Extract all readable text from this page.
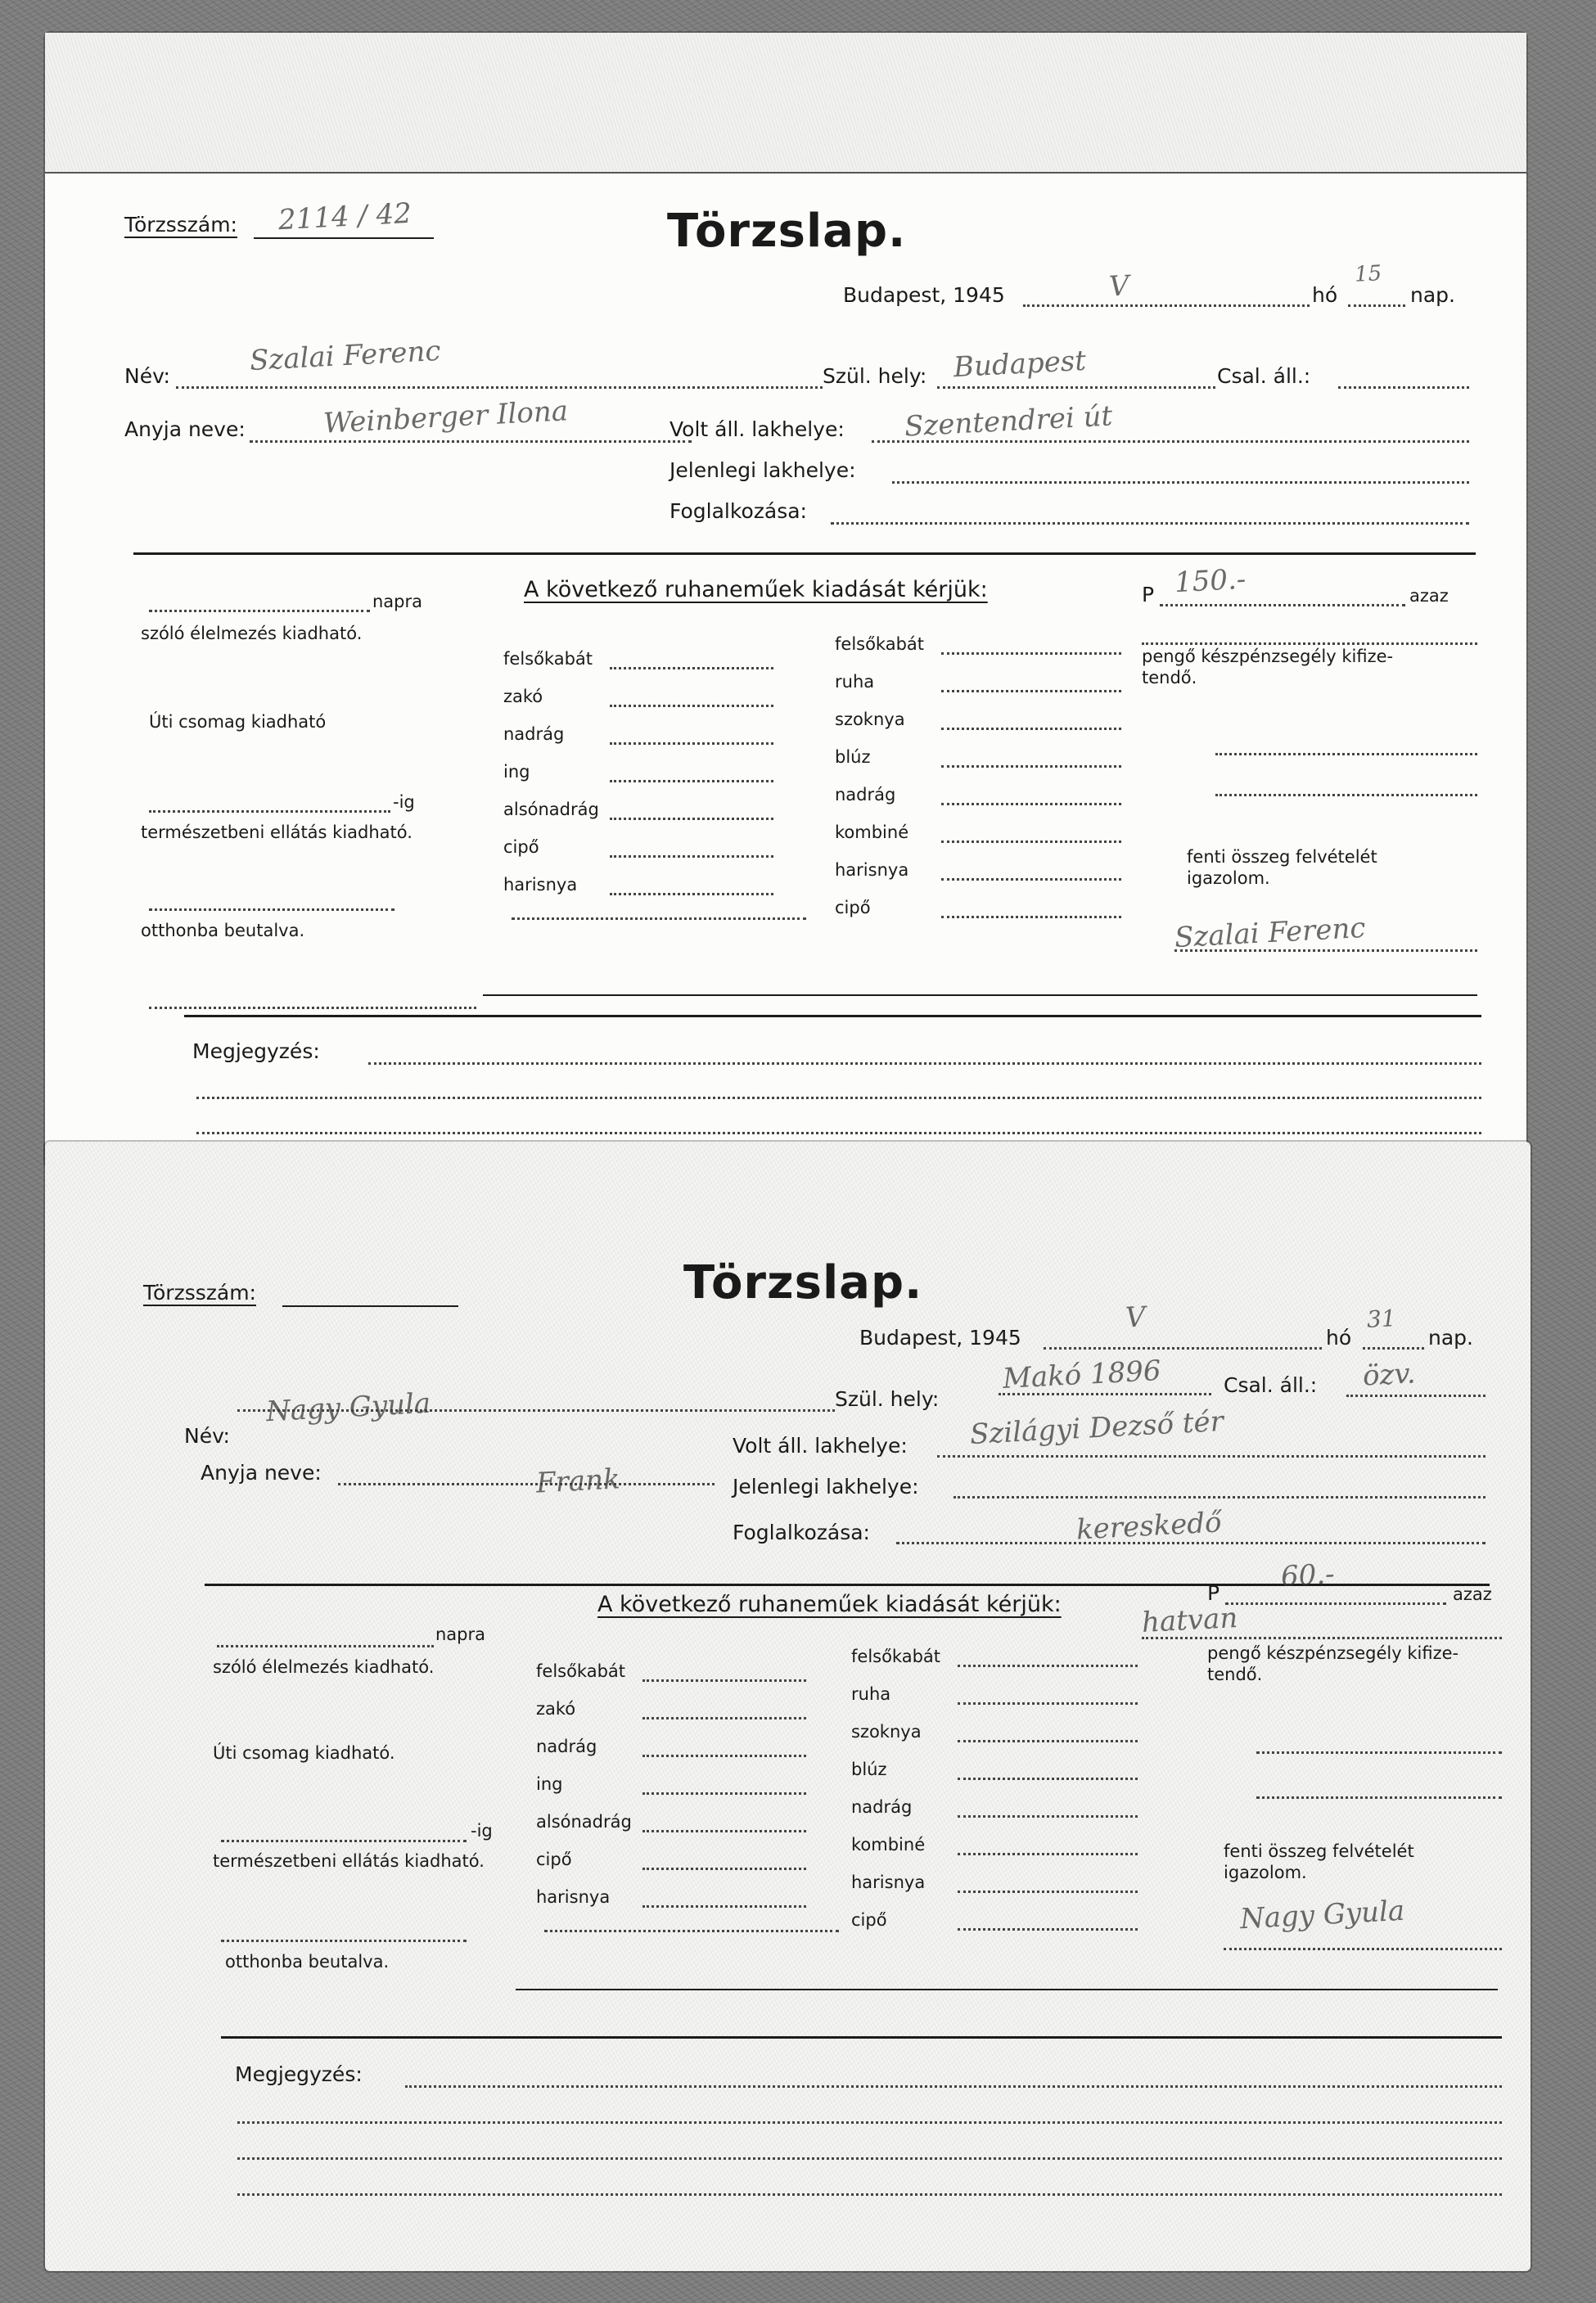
Törzsszám: 2114 / 42	Törzslap.
Budapest, 1945	V	hó
15
nap.
Név:	Szalai Ferenc	Szül. hely: Budapest	Csal. áll.:
Anyja neve:	Weinberger Ilona	Volt áll. lakhelye: Szentendrei út
Jelenlegi lakhelye:
Foglalkozása:
napra
szóló élelmezés kiadható.
Úti csomag kiadható
-ig
természetbeni ellátás kiadható.
otthonba beutalva.
A következő ruhaneműek kiadását kérjük:
felsőkabát
zakó
nadrág
ing
alsónadrág
cipő
harisnya
felsőkabát
ruha
szoknya
blúz
nadrág
kombiné
harisnya
cipő
P 150.-	azaz
pengő készpénzsegély kifize-
tendő.
fenti összeg felvételét
igazolom.
Szalai Ferenc
Megjegyzés:
Törzsszám:	Törzslap.
Budapest, 1945
V
hó
31
nap.
Szül. hely:
Makó 1896	Csal. áll.: özv.
Név:
Nagy Gyula
Anyja neve:	Frank
Volt áll. lakhelye: Szilágyi Dezső tér
Jelenlegi lakhelye:
Foglalkozása:	kereskedő
napra
szóló élelmezés kiadható.
Úti csomag kiadható.
-ig
természetbeni ellátás kiadható.
otthonba beutalva.
A következő ruhaneműek kiadását kérjük:
felsőkabát
zakó
nadrág
ing
alsónadrág
cipő
harisnya
felsőkabát
ruha
szoknya
blúz
nadrág
kombiné
harisnya
cipő
P 60.-
azaz
hatvan
pengő készpénzsegély kifize-
tendő.
fenti összeg felvételét
igazolom.
Nagy Gyula
Megjegyzés:
